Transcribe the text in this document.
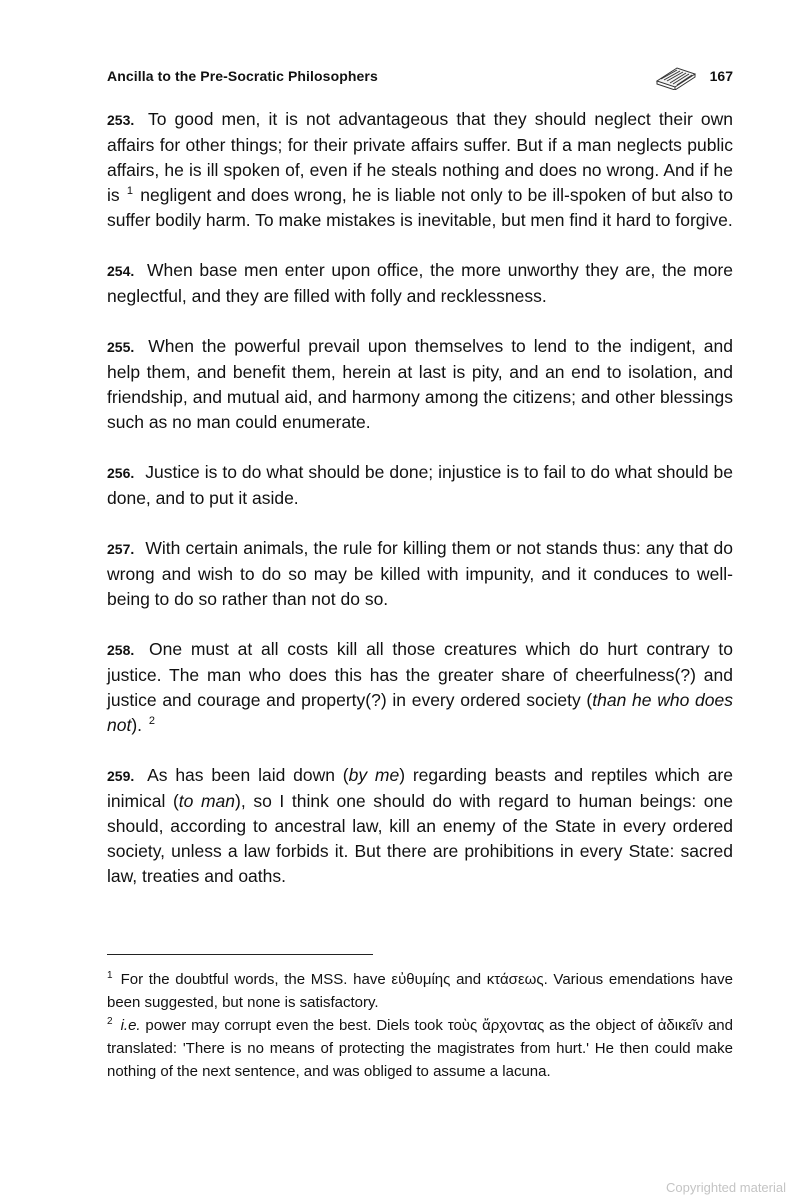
Ancilla to the Pre-Socratic Philosophers	167

253. To good men, it is not advantageous that they should neglect their own affairs for other things; for their private affairs suffer. But if a man neglects public affairs, he is ill spoken of, even if he steals nothing and does no wrong. And if he is $^1$ negligent and does wrong, he is liable not only to be ill-spoken of but also to suffer bodily harm. To make mistakes is inevitable, but men find it hard to forgive.

254. When base men enter upon office, the more unworthy they are, the more neglectful, and they are filled with folly and recklessness.

255. When the powerful prevail upon themselves to lend to the indigent, and help them, and benefit them, herein at last is pity, and an end to isolation, and friendship, and mutual aid, and harmony among the citizens; and other blessings such as no man could enumerate.

256. Justice is to do what should be done; injustice is to fail to do what should be done, and to put it aside.

257. With certain animals, the rule for killing them or not stands thus: any that do wrong and wish to do so may be killed with impunity, and it conduces to well-being to do so rather than not do so.

258. One must at all costs kill all those creatures which do hurt contrary to justice. The man who does this has the greater share of cheerfulness(?) and justice and courage and property(?) in every ordered society (than he who does not). $^2$

259. As has been laid down (by me) regarding beasts and reptiles which are inimical (to man), so I think one should do with regard to human beings: one should, according to ancestral law, kill an enemy of the State in every ordered society, unless a law forbids it. But there are prohibitions in every State: sacred law, treaties and oaths.

$^1$ For the doubtful words, the MSS. have εὐθυμίης and κτάσεως. Various emendations have been suggested, but none is satisfactory.

$^2$ i.e. power may corrupt even the best. Diels took τοὺς ἄρχοντας as the object of ἀδικεῖν and translated: 'There is no means of protecting the magistrates from hurt.' He then could make nothing of the next sentence, and was obliged to assume a lacuna.

Copyrighted material
